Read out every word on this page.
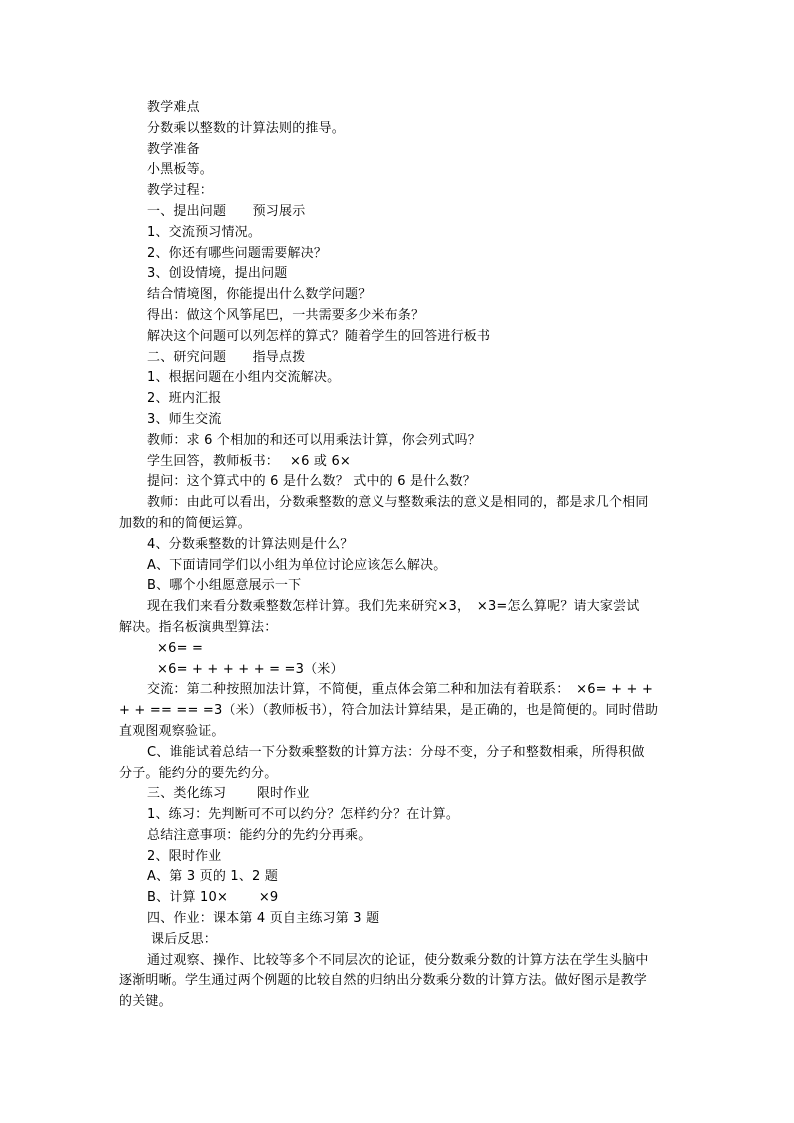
教学难点
分数乘以整数的计算法则的推导。
教学准备
小黑板等。
教学过程：
一、提出问题　　预习展示
1、交流预习情况。
2、你还有哪些问题需要解决？
3、创设情境，提出问题
结合情境图，你能提出什么数学问题？
得出：做这个风筝尾巴，一共需要多少米布条？
解决这个问题可以列怎样的算式？随着学生的回答进行板书
二、研究问题　　指导点拨
1、根据问题在小组内交流解决。
2、班内汇报
3、师生交流
教师：求 6 个相加的和还可以用乘法计算，你会列式吗？
学生回答，教师板书：　 ×6 或 6×
提问：这个算式中的 6 是什么数？ 式中的 6 是什么数？
教师：由此可以看出，分数乘整数的意义与整数乘法的意义是相同的，都是求几个相同
加数的和的简便运算。
4、分数乘整数的计算法则是什么？
A、下面请同学们以小组为单位讨论应该怎么解决。
B、哪个小组愿意展示一下
现在我们来看分数乘整数怎样计算。我们先来研究×3，　×3=怎么算呢？请大家尝试
解决。指名板演典型算法：
×6= =
×6= + + + + + = =3（米）
交流：第二种按照加法计算，不简便，重点体会第二种和加法有着联系：　×6= + + +
+ + == == =3（米）（教师板书），符合加法计算结果，是正确的，也是简便的。同时借助
直观图观察验证。
C、谁能试着总结一下分数乘整数的计算方法：分母不变，分子和整数相乘，所得积做
分子。能约分的要先约分。
三、类化练习　　 限时作业
1、练习：先判断可不可以约分？怎样约分？在计算。
总结注意事项：能约分的先约分再乘。
2、限时作业
A、第 3 页的 1、2 题
B、计算 10×　　 ×9
四、作业：课本第 4 页自主练习第 3 题
课后反思：
通过观察、操作、比较等多个不同层次的论证，使分数乘分数的计算方法在学生头脑中
逐渐明晰。学生通过两个例题的比较自然的归纳出分数乘分数的计算方法。做好图示是教学
的关键。
